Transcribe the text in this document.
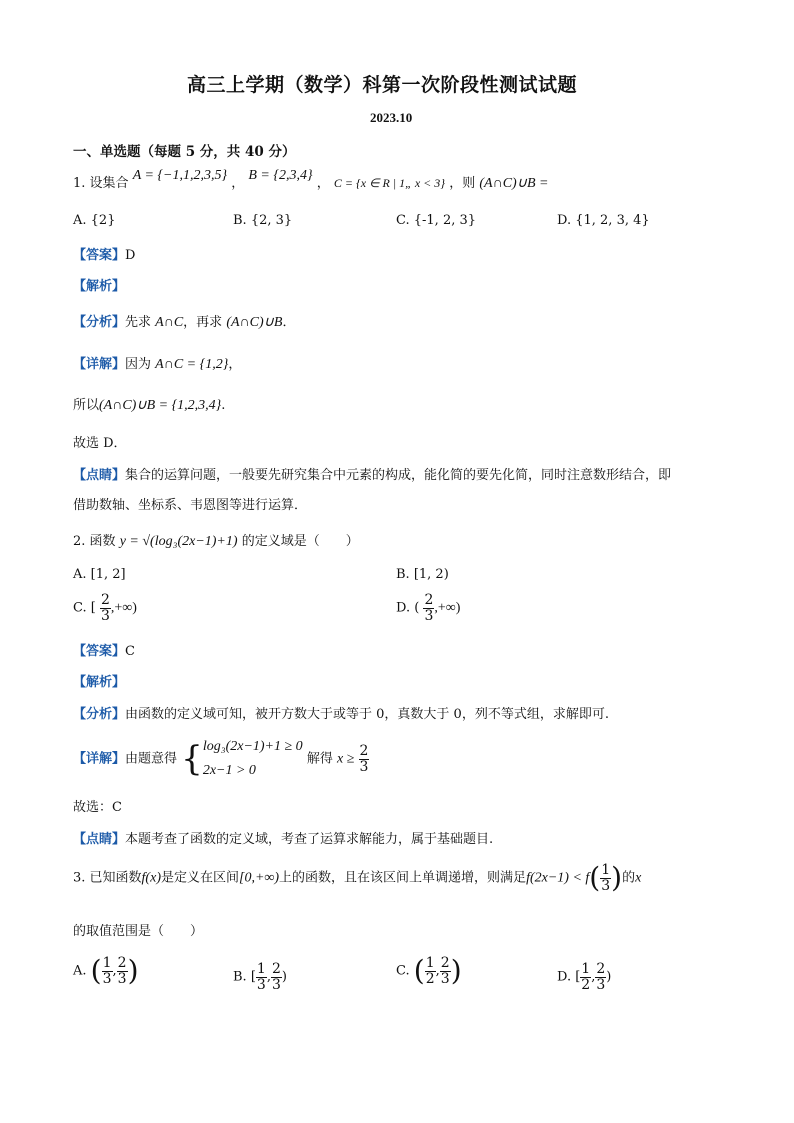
高三上学期（数学）科第一次阶段性测试试题
2023.10
一、单选题（每题 5 分，共 40 分）
1. 设集合 A = {−1,1,2,3,5} ， B = {2,3,4} ， C = {x ∈ R | 1„ x < 3} ，则 (A∩C)∪B =
A. {2}	B. {2, 3}	C. {-1, 2, 3}	D. {1, 2, 3, 4}
【答案】D
【解析】
【分析】先求 A∩C，再求 (A∩C)∪B．
【详解】因为 A∩C = {1,2}，
所以(A∩C)∪B = {1,2,3,4}.
故选 D．
【点睛】集合的运算问题，一般要先研究集合中元素的构成，能化简的要先化简，同时注意数形结合，即
借助数轴、坐标系、韦恩图等进行运算．
2. 函数 y = √(log₃(2x−1)+1) 的定义域是（　　）
A. [1, 2]	B. [1, 2)
C. [ $\frac{2}{3}$ ,+∞)	D. ( $\frac{2}{3}$ ,+∞)
【答案】C
【解析】
【分析】由函数的定义域可知，被开方数大于或等于 0，真数大于 0，列不等式组，求解即可.
【详解】由题意得 { log₃(2x−1)+1 ≥ 0
2x−1 > 0
解得 $x \ge \frac{2}{3}$
故选：C
【点睛】本题考查了函数的定义域，考查了运算求解能力，属于基础题目.
3. 已知函数f(x)是定义在区间[0,+∞)上的函数，且在该区间上单调递增，则满足$f(2x-1) < f( \frac{1}{3}$ )的x
的取值范围是（　　）
A. ( $\frac{1}{3}$ , $\frac{2}{3}$ )	B. [ $\frac{1}{3}$ , $\frac{2}{3}$ )	C. ( $\frac{1}{2}$ , $\frac{2}{3}$ )	D. [ $\frac{1}{2}$ , $\frac{2}{3}$ )
